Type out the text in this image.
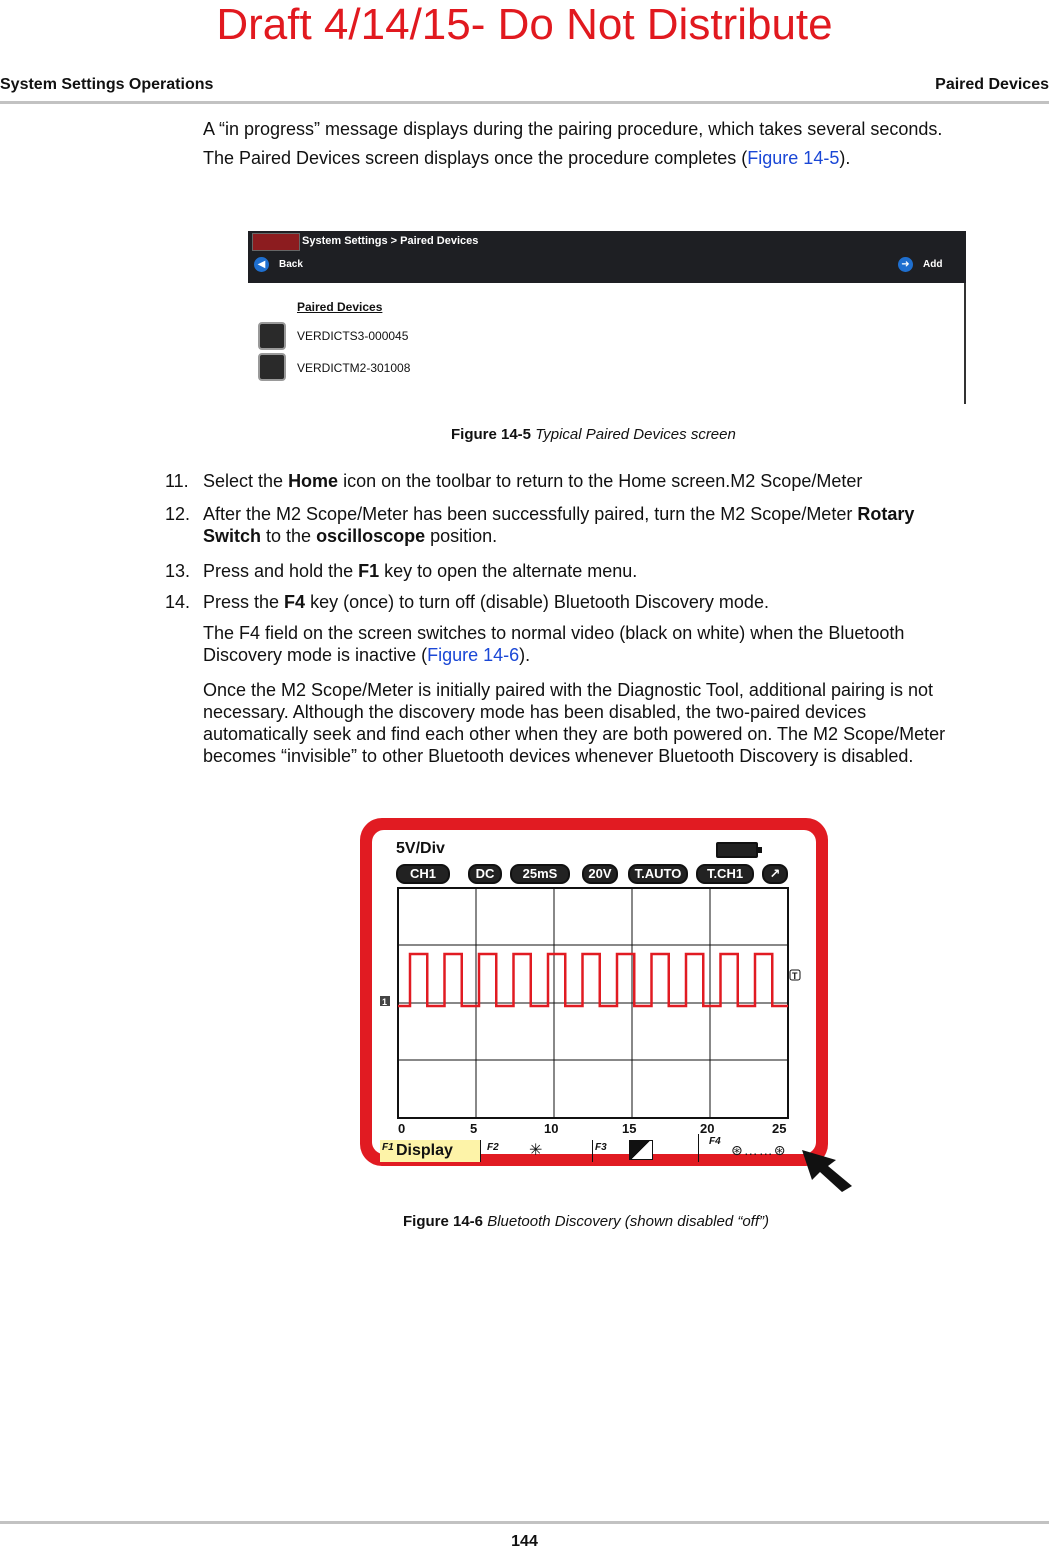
Draft 4/14/15- Do Not Distribute
System Settings Operations	Paired Devices
A “in progress” message displays during the pairing procedure, which takes several seconds.
The Paired Devices screen displays once the procedure completes (Figure 14-5).
System Settings > Paired Devices
◀	Back	➜	Add
Paired Devices
VERDICTS3-000045
VERDICTM2-301008
Figure 14-5 Typical Paired Devices screen
11. Select the Home icon on the toolbar to return to the Home screen.M2 Scope/Meter
12. After the M2 Scope/Meter has been successfully paired, turn the M2 Scope/Meter Rotary
Switch to the oscilloscope position.
13. Press and hold the F1 key to open the alternate menu.
14. Press the F4 key (once) to turn off (disable) Bluetooth Discovery mode.
The F4 field on the screen switches to normal video (black on white) when the Bluetooth
Discovery mode is inactive (Figure 14-6).
Once the M2 Scope/Meter is initially paired with the Diagnostic Tool, additional pairing is not
necessary. Although the discovery mode has been disabled, the two-paired devices
automatically seek and find each other when they are both powered on. The M2 Scope/Meter
becomes “invisible” to other Bluetooth devices whenever Bluetooth Discovery is disabled.
5V/Div
CH1	DC	25mS	20V	T.AUTO	T.CH1	↗
1
T
0	5	10	15	20	25
F1 Display	F2 ✳	F3
F4
⊛……⊛
Figure 14-6 Bluetooth Discovery (shown disabled “off”)
144
